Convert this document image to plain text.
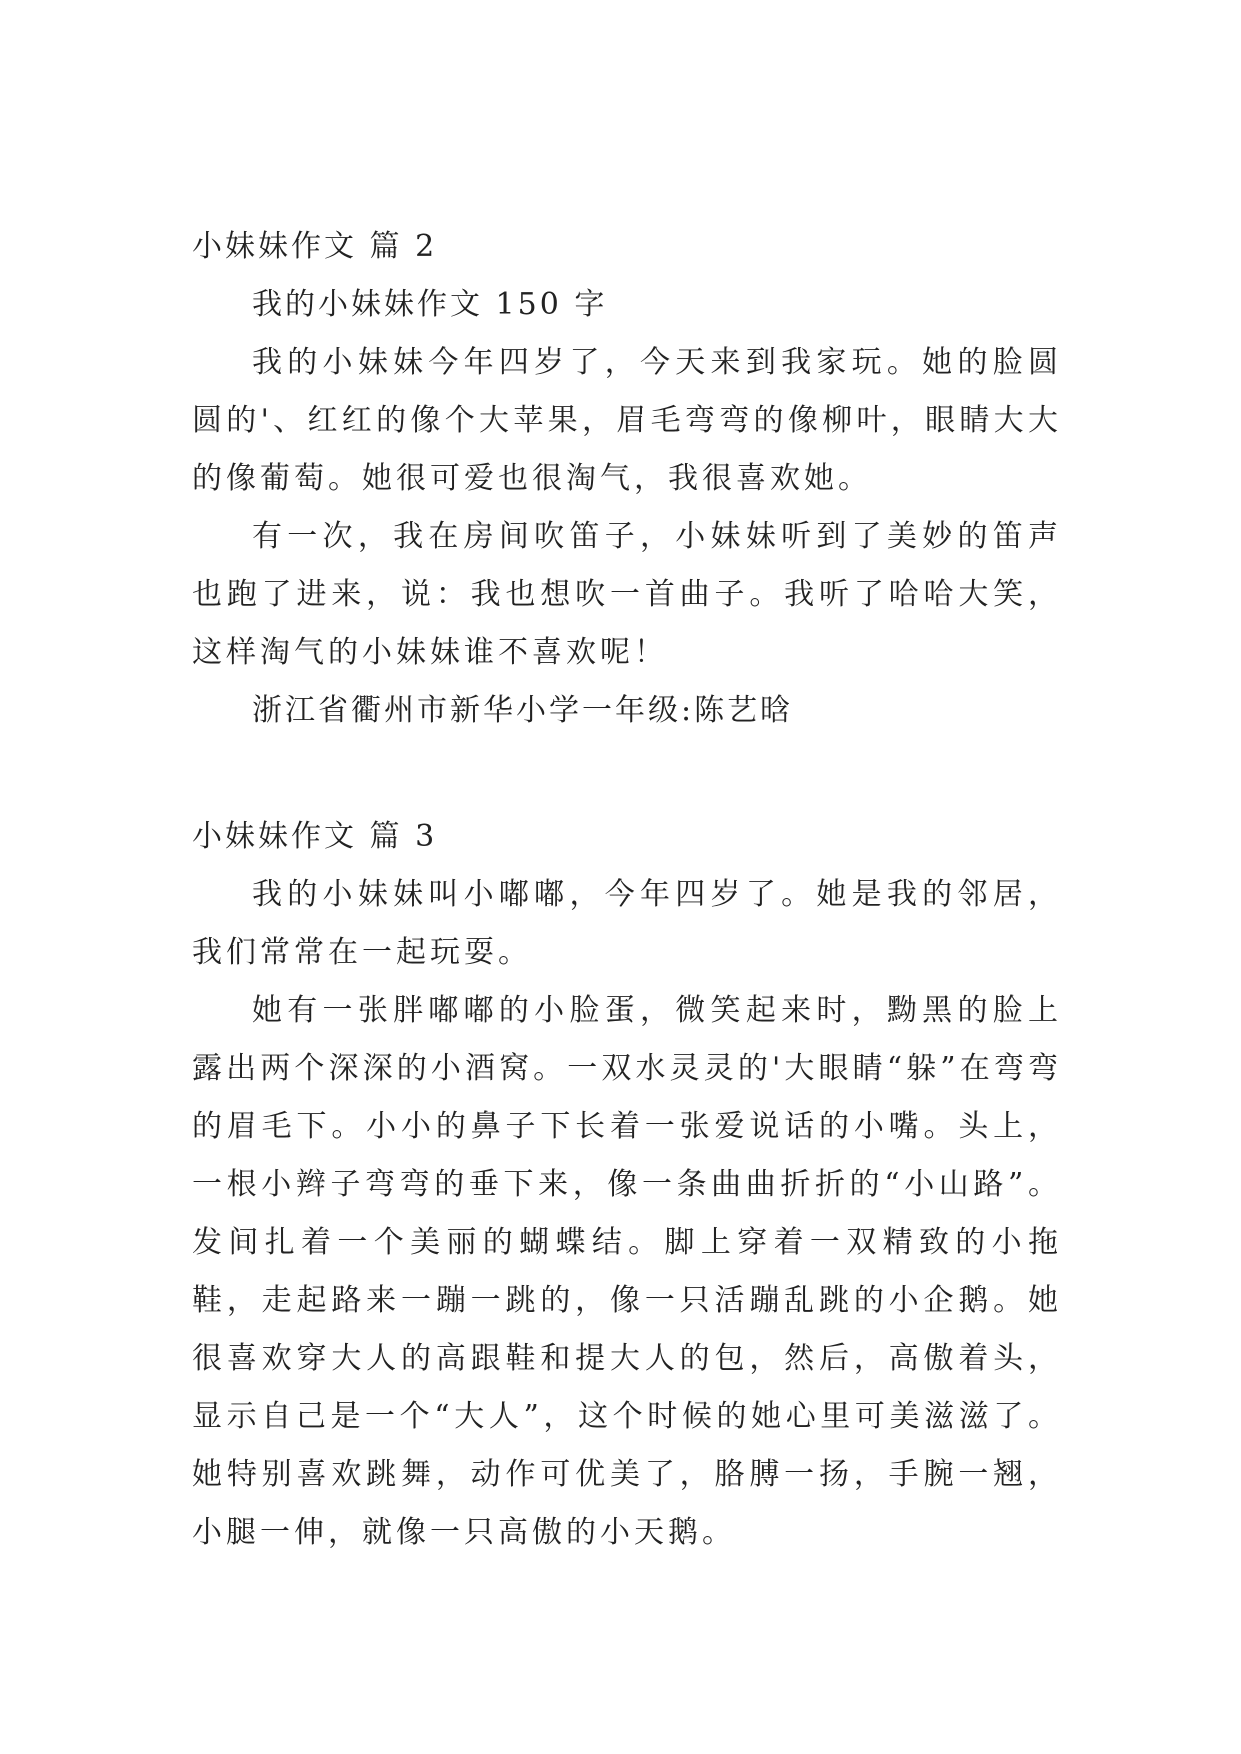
小妹妹作文 篇 2
我的小妹妹作文 150 字

我的小妹妹今年四岁了，今天来到我家玩。她的脸圆圆的'、红红的像个大苹果，眉毛弯弯的像柳叶，眼睛大大的像葡萄。她很可爱也很淘气，我很喜欢她。

有一次，我在房间吹笛子，小妹妹听到了美妙的笛声也跑了进来，说：我也想吹一首曲子。我听了哈哈大笑，这样淘气的小妹妹谁不喜欢呢！

浙江省衢州市新华小学一年级:陈艺晗
小妹妹作文 篇 3

我的小妹妹叫小嘟嘟，今年四岁了。她是我的邻居，我们常常在一起玩耍。

她有一张胖嘟嘟的小脸蛋，微笑起来时，黝黑的脸上露出两个深深的小酒窝。一双水灵灵的'大眼睛“躲”在弯弯的眉毛下。小小的鼻子下长着一张爱说话的小嘴。头上，一根小辫子弯弯的垂下来，像一条曲曲折折的“小山路”。发间扎着一个美丽的蝴蝶结。脚上穿着一双精致的小拖鞋，走起路来一蹦一跳的，像一只活蹦乱跳的小企鹅。她很喜欢穿大人的高跟鞋和提大人的包，然后，高傲着头，显示自己是一个“大人”，这个时候的她心里可美滋滋了。她特别喜欢跳舞，动作可优美了，胳膊一扬，手腕一翘，小腿一伸，就像一只高傲的小天鹅。
